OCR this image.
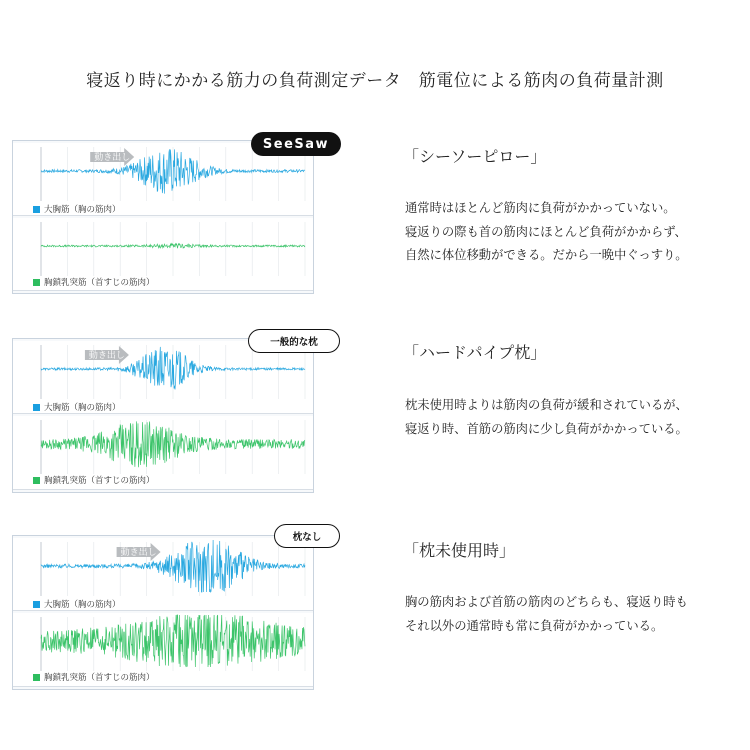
寝返り時にかかる筋力の負荷測定データ　筋電位による筋肉の負荷量計測
動き出し
大胸筋（胸の筋肉）
胸鎖乳突筋（首すじの筋肉）
SeeSaw
「シーソーピロー」
通常時はほとんど筋肉に負荷がかかっていない。
寝返りの際も首の筋肉にほとんど負荷がかからず、
自然に体位移動ができる。だから一晩中ぐっすり。
動き出し
大胸筋（胸の筋肉）
胸鎖乳突筋（首すじの筋肉）
一般的な枕
「ハードパイプ枕」
枕未使用時よりは筋肉の負荷が緩和されているが、
寝返り時、首筋の筋肉に少し負荷がかかっている。
動き出し
大胸筋（胸の筋肉）
胸鎖乳突筋（首すじの筋肉）
枕なし
「枕未使用時」
胸の筋肉および首筋の筋肉のどちらも、寝返り時も
それ以外の通常時も常に負荷がかかっている。
